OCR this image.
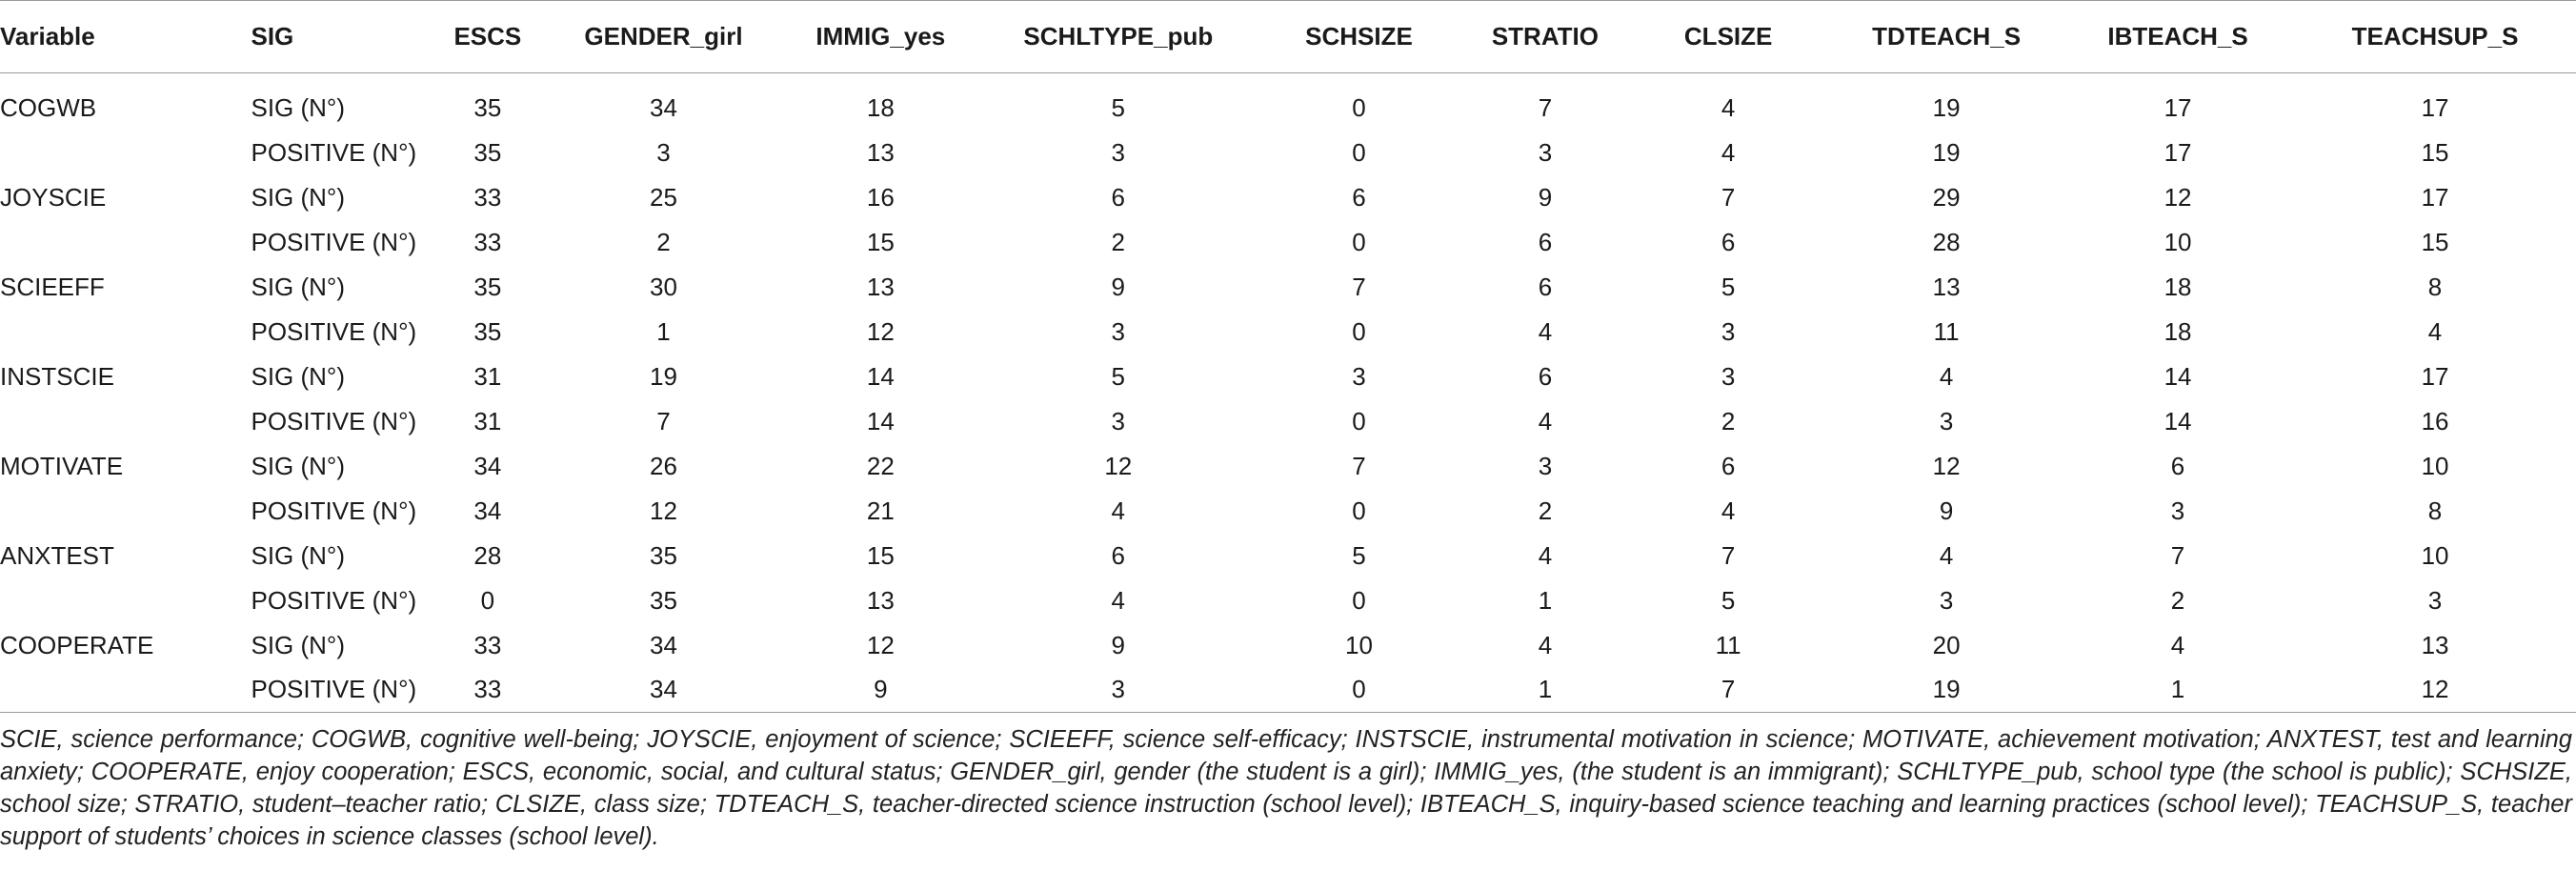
Variable	SIG	ESCS	GENDER_girl	IMMIG_yes	SCHLTYPE_pub	SCHSIZE	STRATIO	CLSIZE	TDTEACH_S	IBTEACH_S	TEACHSUP_S
COGWB	SIG (N°)	35	34	18	5	0	7	4	19	17	17
	POSITIVE (N°)	35	3	13	3	0	3	4	19	17	15
JOYSCIE	SIG (N°)	33	25	16	6	6	9	7	29	12	17
	POSITIVE (N°)	33	2	15	2	0	6	6	28	10	15
SCIEEFF	SIG (N°)	35	30	13	9	7	6	5	13	18	8
	POSITIVE (N°)	35	1	12	3	0	4	3	11	18	4
INSTSCIE	SIG (N°)	31	19	14	5	3	6	3	4	14	17
	POSITIVE (N°)	31	7	14	3	0	4	2	3	14	16
MOTIVATE	SIG (N°)	34	26	22	12	7	3	6	12	6	10
	POSITIVE (N°)	34	12	21	4	0	2	4	9	3	8
ANXTEST	SIG (N°)	28	35	15	6	5	4	7	4	7	10
	POSITIVE (N°)	0	35	13	4	0	1	5	3	2	3
COOPERATE	SIG (N°)	33	34	12	9	10	4	11	20	4	13
	POSITIVE (N°)	33	34	9	3	0	1	7	19	1	12
SCIE, science performance; COGWB, cognitive well-being; JOYSCIE, enjoyment of science; SCIEEFF, science self-efficacy; INSTSCIE, instrumental motivation in science; MOTIVATE, achievement motivation; ANXTEST, test and learning anxiety; COOPERATE, enjoy cooperation; ESCS, economic, social, and cultural status; GENDER_girl, gender (the student is a girl); IMMIG_yes, (the student is an immigrant); SCHLTYPE_pub, school type (the school is public); SCHSIZE, school size; STRATIO, student–teacher ratio; CLSIZE, class size; TDTEACH_S, teacher-directed science instruction (school level); IBTEACH_S, inquiry-based science teaching and learning practices (school level); TEACHSUP_S, teacher support of students’ choices in science classes (school level).
